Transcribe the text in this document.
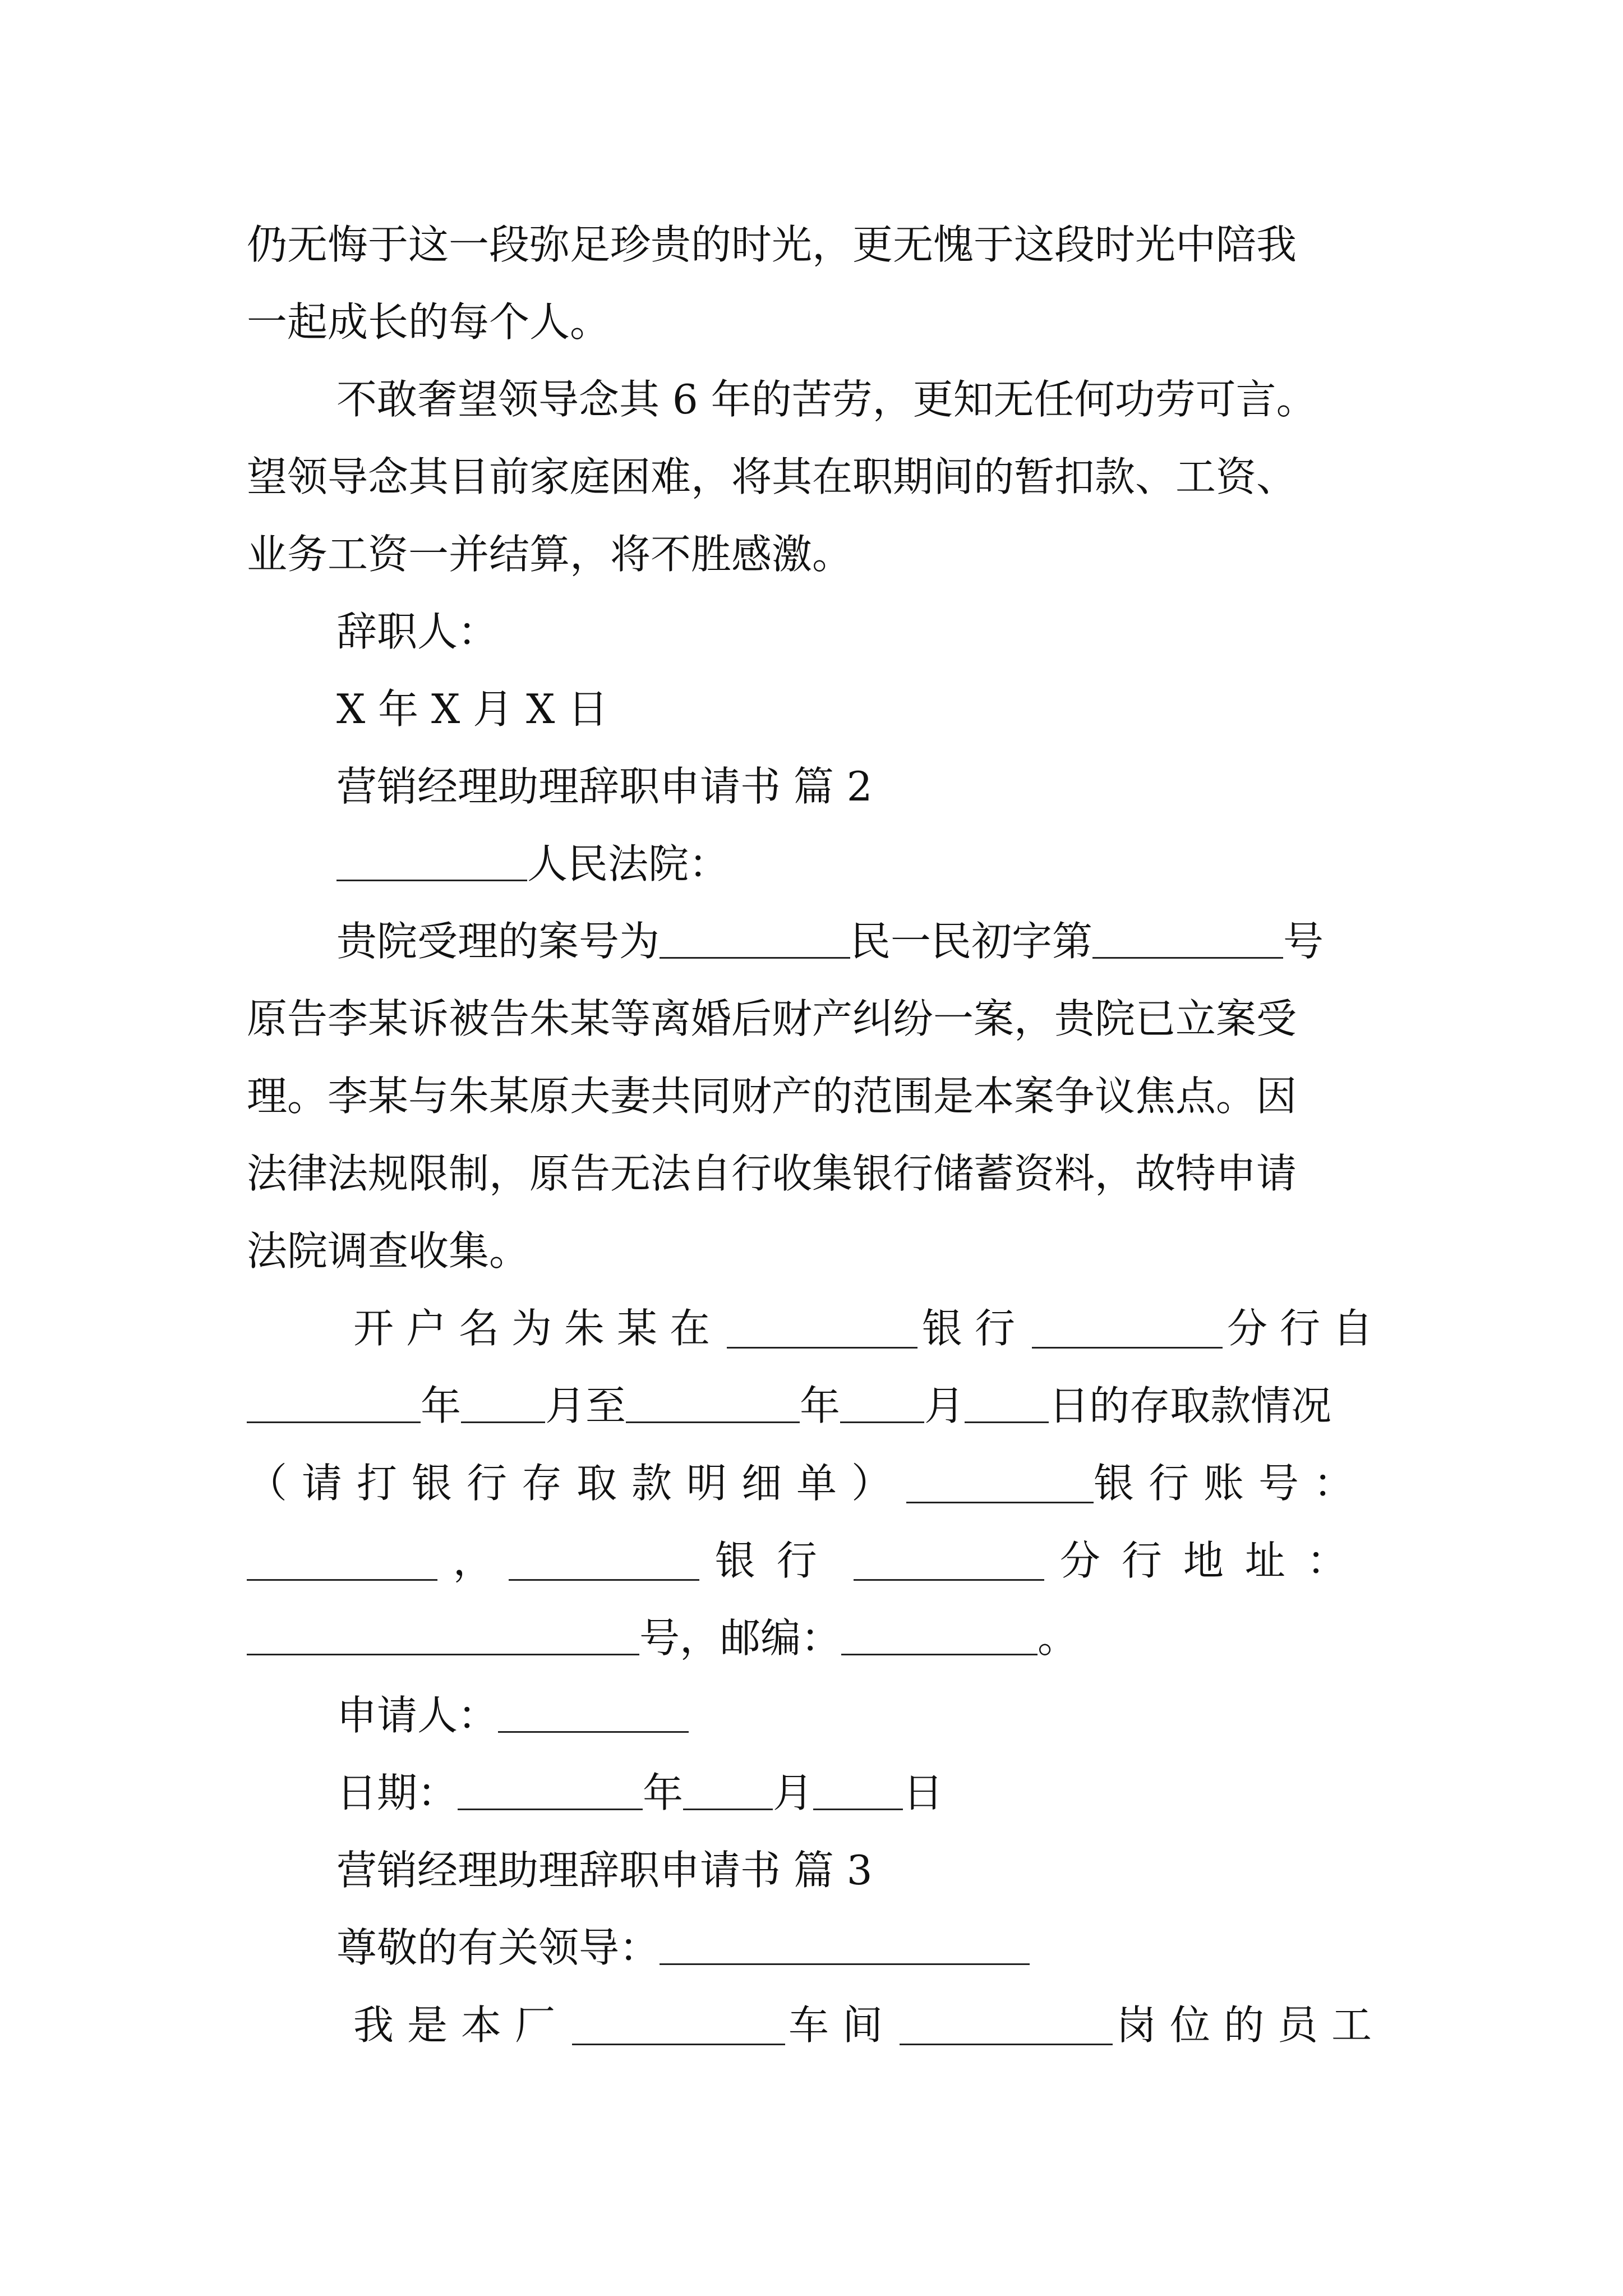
仍无悔于这一段弥足珍贵的时光，更无愧于这段时光中陪我
一起成长的每个人。
不敢奢望领导念其 6 年的苦劳，更知无任何功劳可言。
望领导念其目前家庭困难，将其在职期间的暂扣款、工资、
业务工资一并结算，将不胜感激。
辞职人：
X 年 X 月 X 日
营销经理助理辞职申请书 篇 2
人民法院：
贵院受理的案号为	民一民初字第	号
原告李某诉被告朱某等离婚后财产纠纷一案，贵院已立案受
理。李某与朱某原夫妻共同财产的范围是本案争议焦点。因
法律法规限制，原告无法自行收集银行储蓄资料，故特申请
法院调查收集。
开户名为朱某在	银行	分行自
年 月至	年 月 日的存取款情况
（请打银行存取款明细单）	银行账号：
，	银行	分行地址：
号，邮编：	。
申请人：
日期：	年 月 日
营销经理助理辞职申请书 篇 3
尊敬的有关领导：
我是本厂	车间	岗位的员工
